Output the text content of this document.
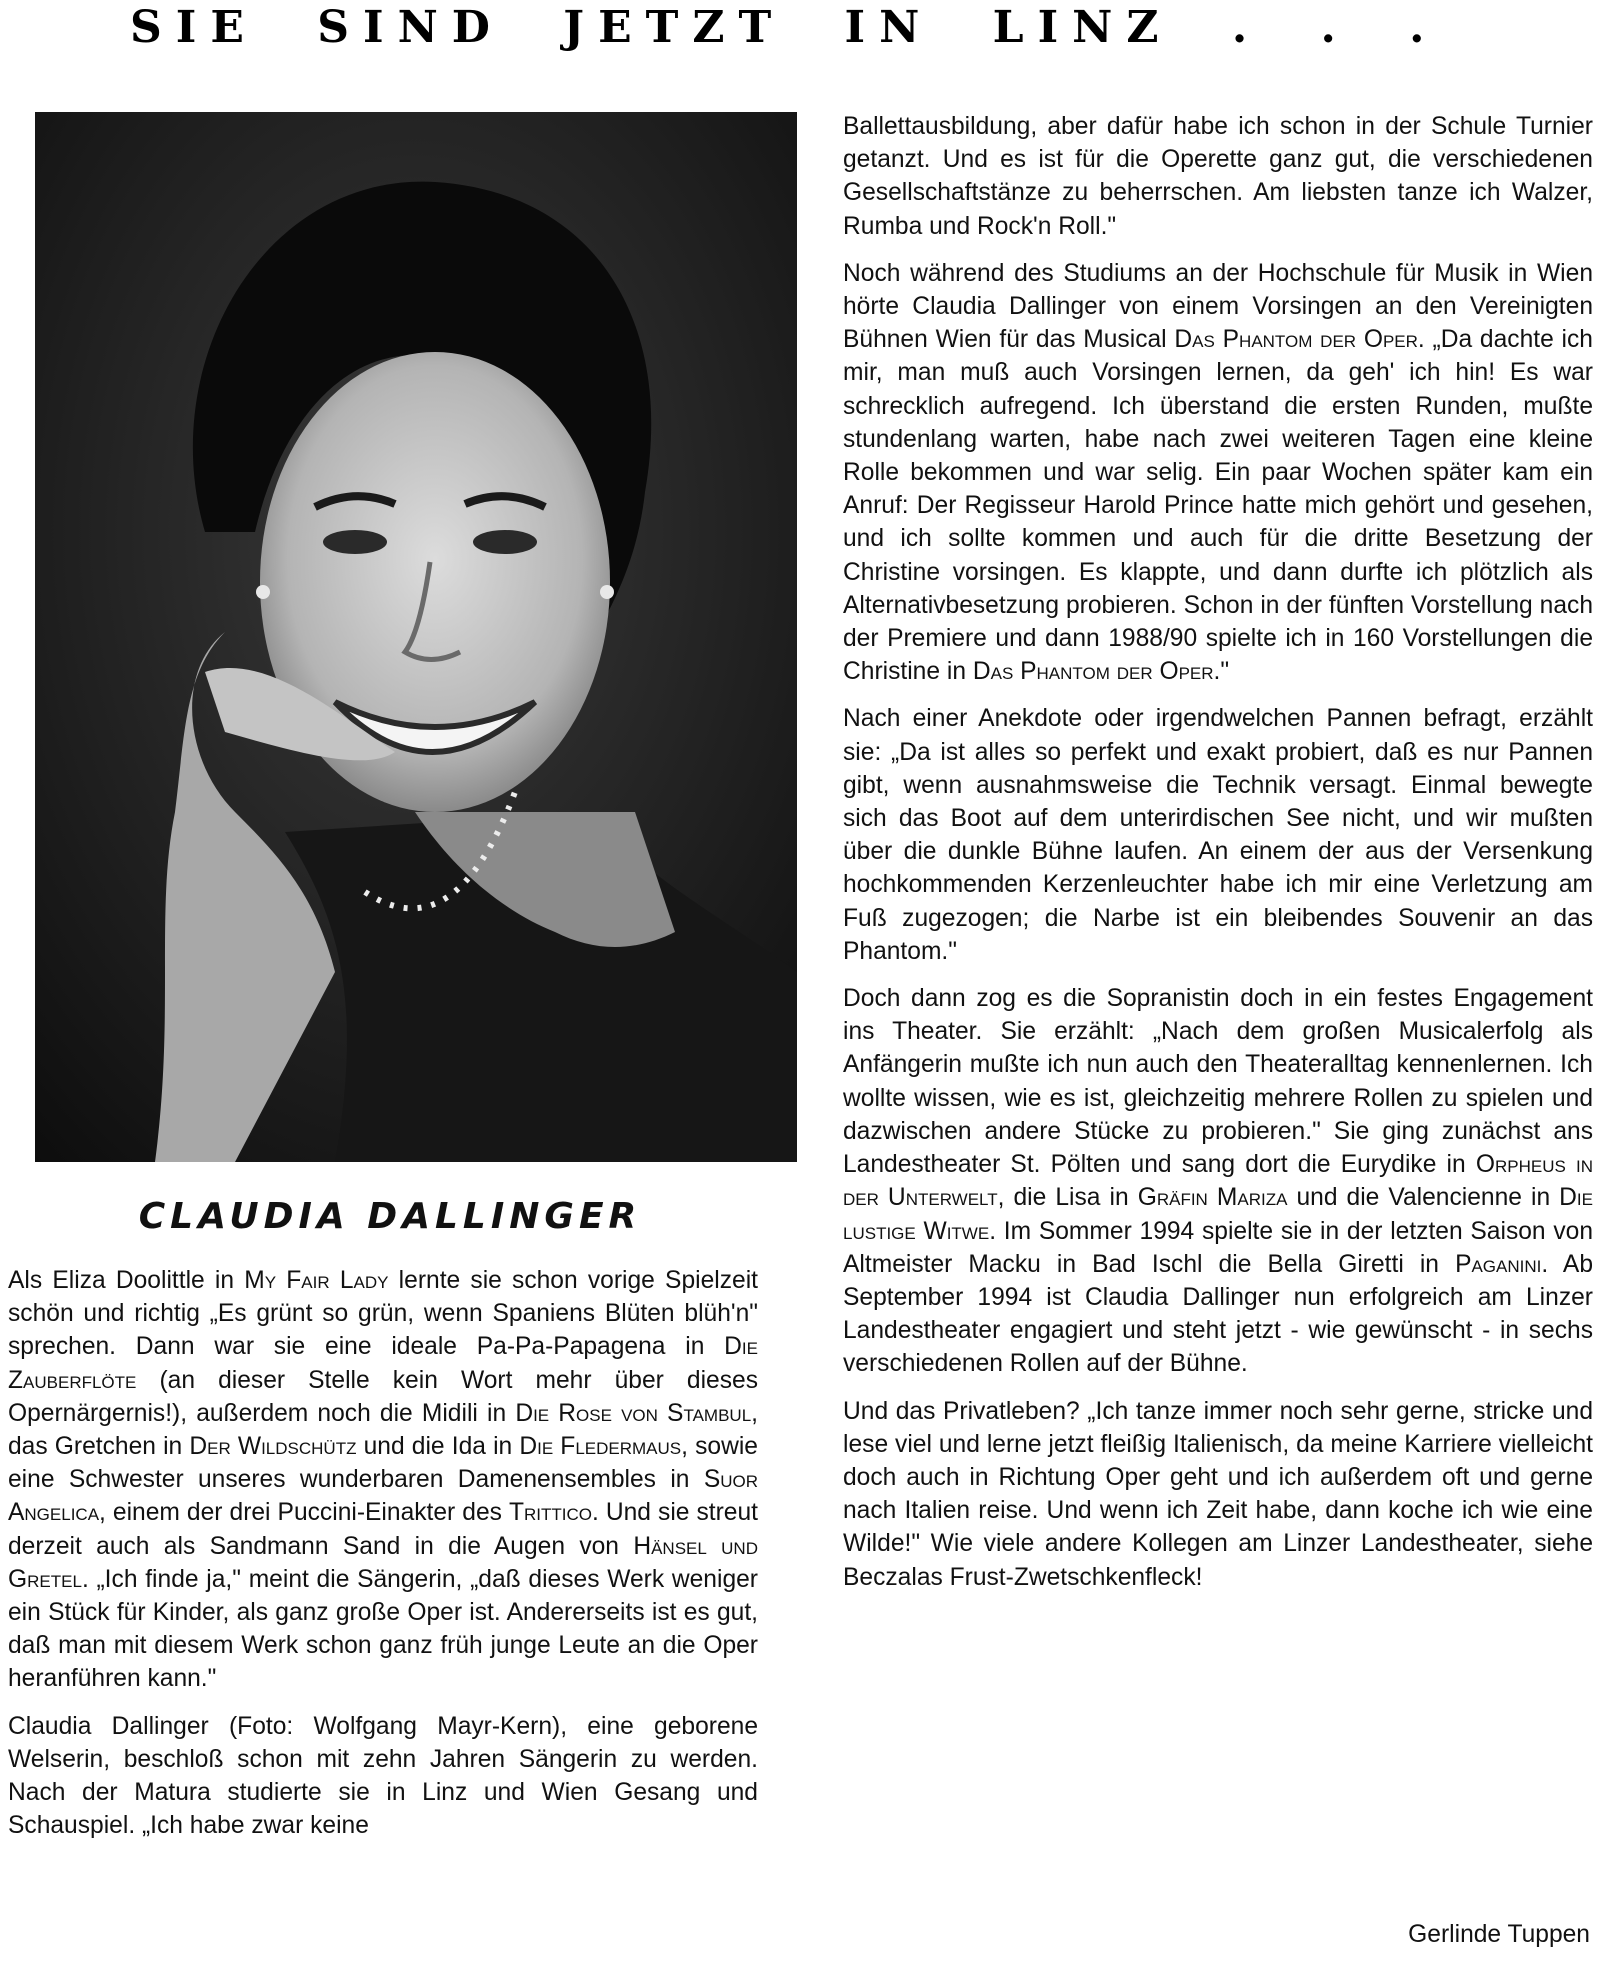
SIE SIND JETZT IN LINZ . . .
CLAUDIA DALLINGER

Als Eliza Doolittle in My Fair Lady lernte sie schon vorige Spielzeit schön und richtig „Es grünt so grün, wenn Spaniens Blüten blüh'n" sprechen. Dann war sie eine ideale Pa-Pa-Papagena in Die Zauberflöte (an dieser Stelle kein Wort mehr über dieses Opernärgernis!), außerdem noch die Midili in Die Rose von Stambul, das Gretchen in Der Wildschütz und die Ida in Die Fledermaus, sowie eine Schwester unseres wunderbaren Damenensembles in Suor Angelica, einem der drei Puccini-Einakter des Trittico. Und sie streut derzeit auch als Sandmann Sand in die Augen von Hänsel und Gretel. „Ich finde ja," meint die Sängerin, „daß dieses Werk weniger ein Stück für Kinder, als ganz große Oper ist. Andererseits ist es gut, daß man mit diesem Werk schon ganz früh junge Leute an die Oper heranführen kann."

Claudia Dallinger (Foto: Wolfgang Mayr-Kern), eine geborene Welserin, beschloß schon mit zehn Jahren Sängerin zu werden. Nach der Matura studierte sie in Linz und Wien Gesang und Schauspiel. „Ich habe zwar keine

Ballettausbildung, aber dafür habe ich schon in der Schule Turnier getanzt. Und es ist für die Operette ganz gut, die verschiedenen Gesellschaftstänze zu beherrschen. Am liebsten tanze ich Walzer, Rumba und Rock'n Roll."

Noch während des Studiums an der Hochschule für Musik in Wien hörte Claudia Dallinger von einem Vorsingen an den Vereinigten Bühnen Wien für das Musical Das Phantom der Oper. „Da dachte ich mir, man muß auch Vorsingen lernen, da geh' ich hin! Es war schrecklich aufregend. Ich überstand die ersten Runden, mußte stundenlang warten, habe nach zwei weiteren Tagen eine kleine Rolle bekommen und war selig. Ein paar Wochen später kam ein Anruf: Der Regisseur Harold Prince hatte mich gehört und gesehen, und ich sollte kommen und auch für die dritte Besetzung der Christine vorsingen. Es klappte, und dann durfte ich plötzlich als Alternativbesetzung probieren. Schon in der fünften Vorstellung nach der Premiere und dann 1988/90 spielte ich in 160 Vorstellungen die Christine in Das Phantom der Oper."

Nach einer Anekdote oder irgendwelchen Pannen befragt, erzählt sie: „Da ist alles so perfekt und exakt probiert, daß es nur Pannen gibt, wenn ausnahmsweise die Technik versagt. Einmal bewegte sich das Boot auf dem unterirdischen See nicht, und wir mußten über die dunkle Bühne laufen. An einem der aus der Versenkung hochkommenden Kerzenleuchter habe ich mir eine Verletzung am Fuß zugezogen; die Narbe ist ein bleibendes Souvenir an das Phantom."

Doch dann zog es die Sopranistin doch in ein festes Engagement ins Theater. Sie erzählt: „Nach dem großen Musicalerfolg als Anfängerin mußte ich nun auch den Theateralltag kennenlernen. Ich wollte wissen, wie es ist, gleichzeitig mehrere Rollen zu spielen und dazwischen andere Stücke zu probieren." Sie ging zunächst ans Landestheater St. Pölten und sang dort die Eurydike in Orpheus in der Unterwelt, die Lisa in Gräfin Mariza und die Valencienne in Die lustige Witwe. Im Sommer 1994 spielte sie in der letzten Saison von Altmeister Macku in Bad Ischl die Bella Giretti in Paganini. Ab September 1994 ist Claudia Dallinger nun erfolgreich am Linzer Landestheater engagiert und steht jetzt - wie gewünscht - in sechs verschiedenen Rollen auf der Bühne.

Und das Privatleben? „Ich tanze immer noch sehr gerne, stricke und lese viel und lerne jetzt fleißig Italienisch, da meine Karriere vielleicht doch auch in Richtung Oper geht und ich außerdem oft und gerne nach Italien reise. Und wenn ich Zeit habe, dann koche ich wie eine Wilde!" Wie viele andere Kollegen am Linzer Landestheater, siehe Beczalas Frust-Zwetschkenfleck!

Gerlinde Tuppen
